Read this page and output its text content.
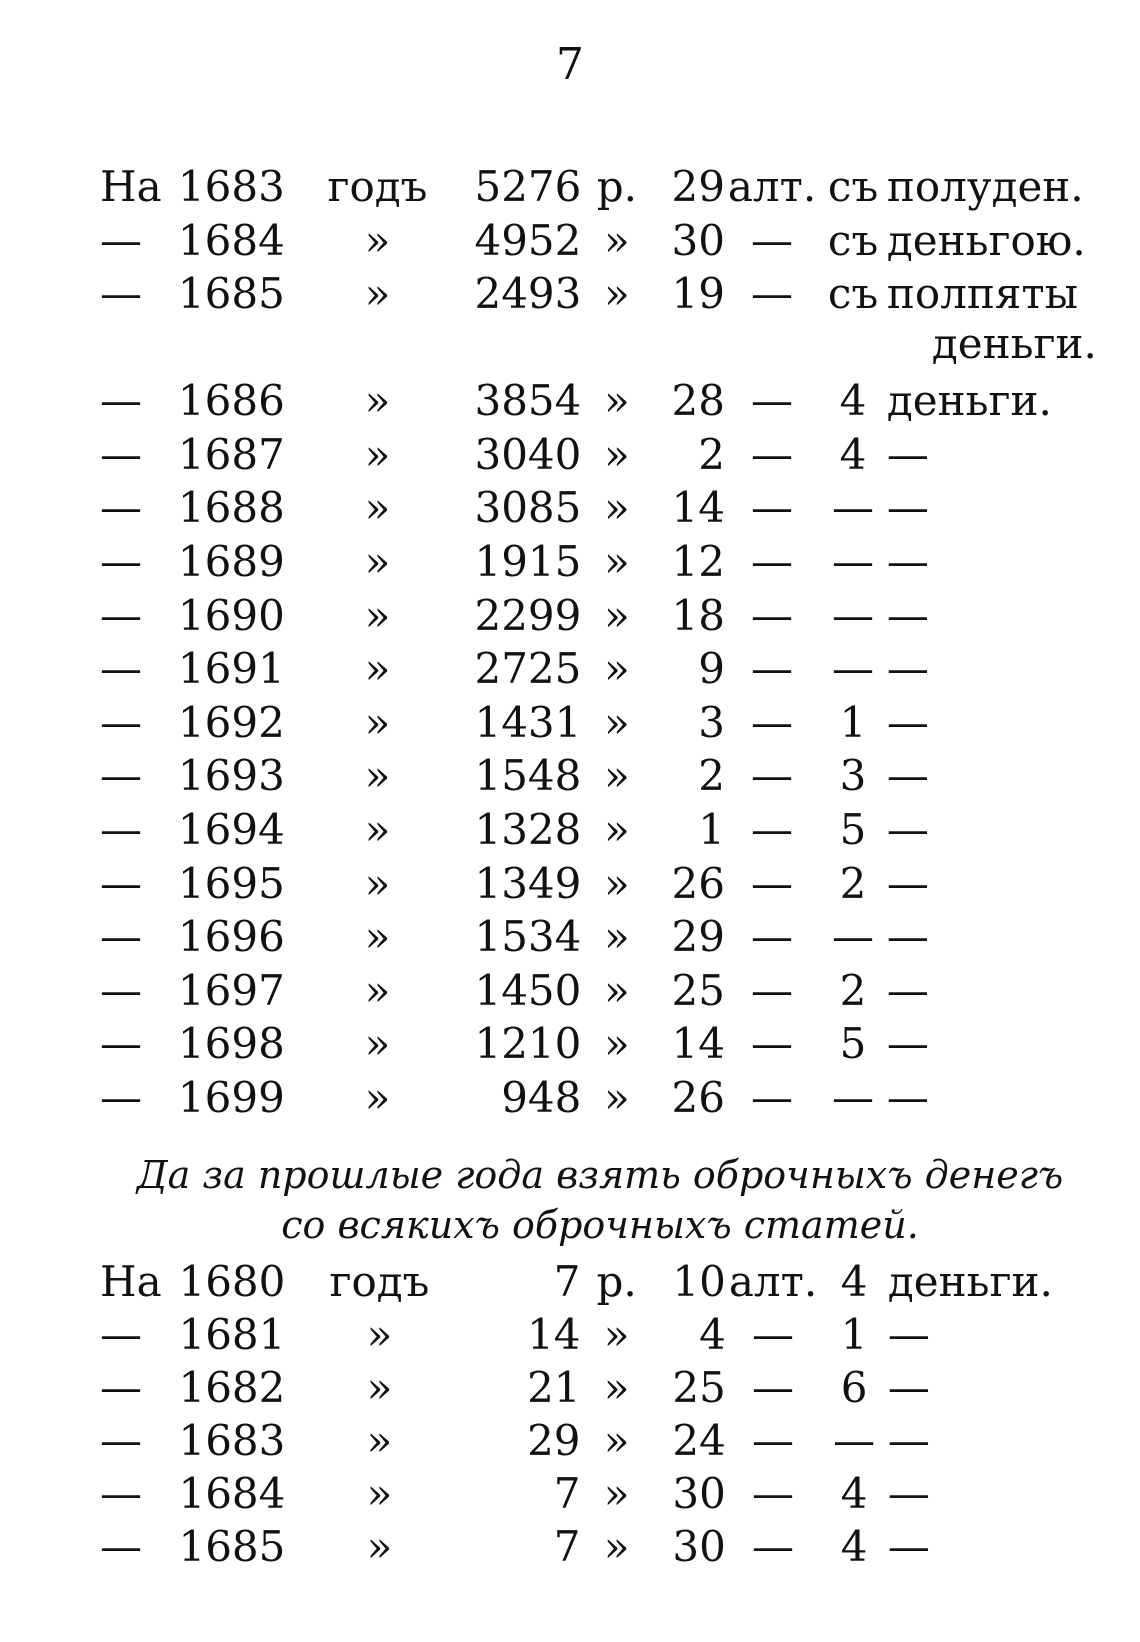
7
На	1683	годъ	5276	р.	29	алт.	съ	полуден.
—	1684	»	4952	»	30	—	съ	деньгою.
—	1685	»	2493	»	19	—	съ	полпяты
деньги.

—	1686	»	3854	»	28	—	4	деньги.
—	1687	»	3040	»	2	—	4	—
—	1688	»	3085	»	14	—	—	—
—	1689	»	1915	»	12	—	—	—
—	1690	»	2299	»	18	—	—	—
—	1691	»	2725	»	9	—	—	—
—	1692	»	1431	»	3	—	1	—
—	1693	»	1548	»	2	—	3	—
—	1694	»	1328	»	1	—	5	—
—	1695	»	1349	»	26	—	2	—
—	1696	»	1534	»	29	—	—	—
—	1697	»	1450	»	25	—	2	—
—	1698	»	1210	»	14	—	5	—
—	1699	»	948	»	26	—	—	—
Да за прошлые года взять оброчныхъ денегъ
со всякихъ оброчныхъ статей.
На	1680	годъ	7	р.	10	алт.	4	деньги.
—	1681	»	14	»	4	—	1	—
—	1682	»	21	»	25	—	6	—
—	1683	»	29	»	24	—	—	—
—	1684	»	7	»	30	—	4	—
—	1685	»	7	»	30	—	4	—
